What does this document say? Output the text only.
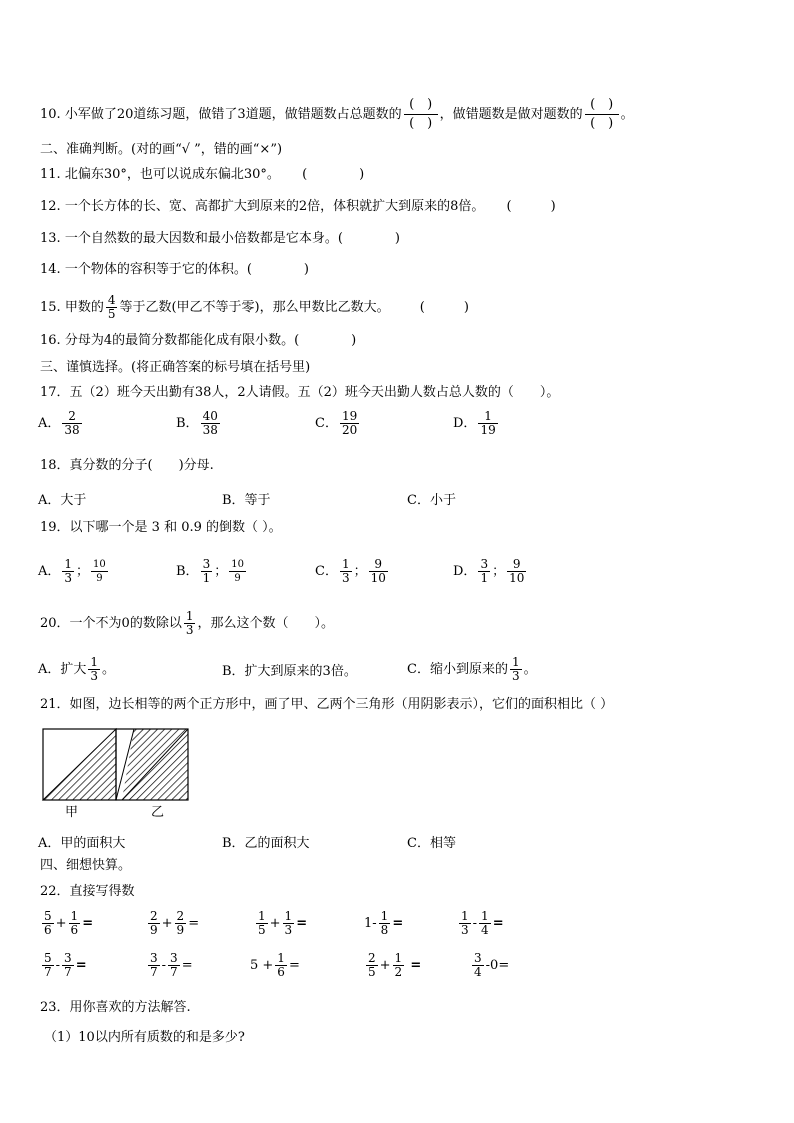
10. 小军做了20道练习题，做错了3道题，做错题数占总题数的
(　)
(　)
，做错题数是做对题数的
(　)
(　)
。
二、准确判断。(对的画“√ ”，错的画“×”)
11. 北偏东30°，也可以说成东偏北30°。 (　　　　)
12. 一个长方体的长、宽、高都扩大到原来的2倍，体积就扩大到原来的8倍。 (　　　)
13. 一个自然数的最大因数和最小倍数都是它本身。(　　　　)
14. 一个物体的容积等于它的体积。(　　　　)
15. 甲数的 $\frac{4}{5}$ 等于乙数(甲乙不等于零)，那么甲数比乙数大。 (　　　)
16. 分母为4的最简分数都能化成有限小数。(　　　　)
三、谨慎选择。(将正确答案的标号填在括号里)
17．五（2）班今天出勤有38人，2人请假。五（2）班今天出勤人数占总人数的（　　）。
A． $\frac{2}{38}$	B． $\frac{40}{38}$	C． $\frac{19}{20}$	D． $\frac{1}{19}$
18．真分数的分子(　　)分母.
A．大于	B．等于	C．小于
19．以下哪一个是 3 和 0.9 的倒数（ ）。
A． $\frac{1}{3}$ ； $\frac{10}{9}$	B． $\frac{3}{1}$ ； $\frac{10}{9}$	C． $\frac{1}{3}$ ； $\frac{9}{10}$	D． $\frac{3}{1}$ ； $\frac{9}{10}$
20．一个不为0的数除以 $\frac{1}{3}$ ，那么这个数（　　）。
A．扩大 $\frac{1}{3}$ 。	B．扩大到原来的3倍。	C．缩小到原来的 $\frac{1}{3}$ 。
21．如图，边长相等的两个正方形中，画了甲、乙两个三角形（用阴影表示），它们的面积相比（ ）
甲	乙
A．甲的面积大	B．乙的面积大	C．相等
四、细想快算。
22．直接写得数
$\frac{5}{6} + \frac{1}{6}$ =	$\frac{2}{9} + \frac{2}{9}$ =	$\frac{1}{5} + \frac{1}{3}$ =	$1- \frac{1}{8}$ =	$\frac{1}{3} - \frac{1}{4}$ =
$\frac{5}{7} - \frac{3}{7}$ =	$\frac{3}{7} - \frac{3}{7}$ =	$5 + \frac{1}{6}$ =	$\frac{2}{5} + \frac{1}{2}$ =	$\frac{3}{4} -0=$
23．用你喜欢的方法解答.
（1）10以内所有质数的和是多少?
